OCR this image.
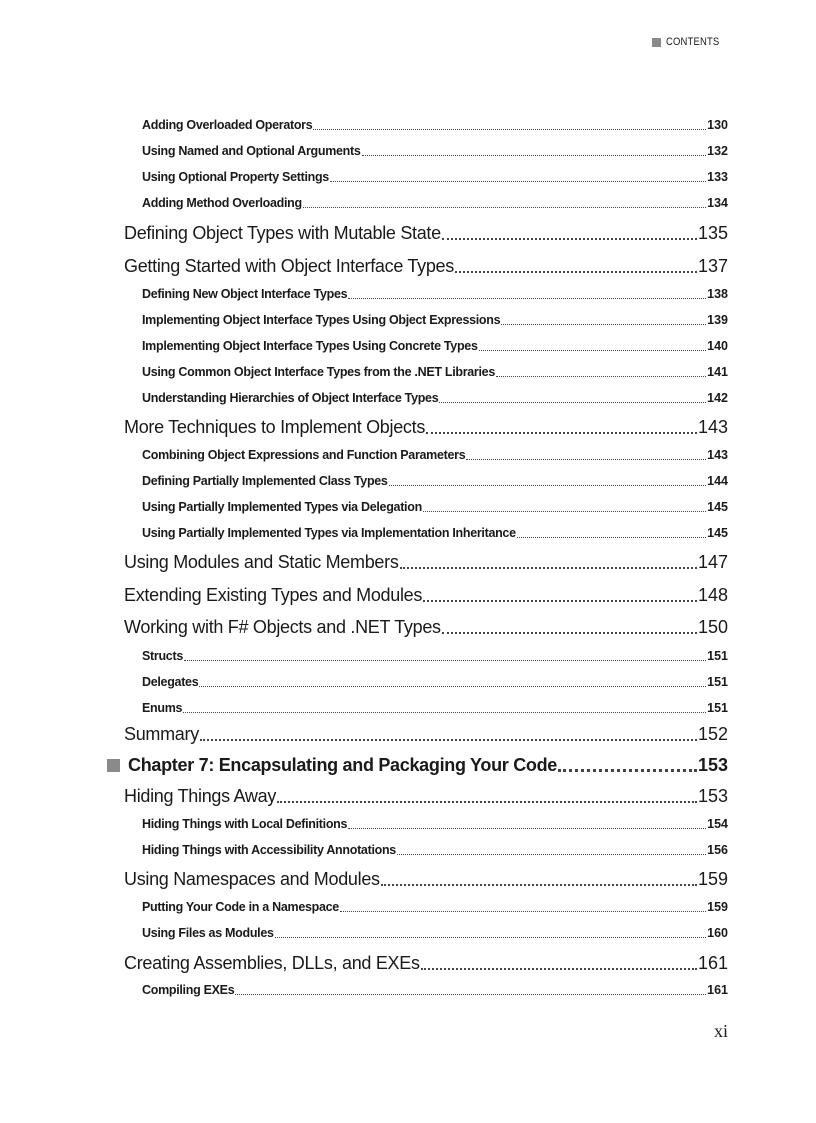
CONTENTS
Adding Overloaded Operators	130
Using Named and Optional Arguments	132
Using Optional Property Settings	133
Adding Method Overloading	134
Defining Object Types with Mutable State	135
Getting Started with Object Interface Types	137
Defining New Object Interface Types	138
Implementing Object Interface Types Using Object Expressions	139
Implementing Object Interface Types Using Concrete Types	140
Using Common Object Interface Types from the .NET Libraries	141
Understanding Hierarchies of Object Interface Types	142
More Techniques to Implement Objects	143
Combining Object Expressions and Function Parameters	143
Defining Partially Implemented Class Types	144
Using Partially Implemented Types via Delegation	145
Using Partially Implemented Types via Implementation Inheritance	145
Using Modules and Static Members	147
Extending Existing Types and Modules	148
Working with F# Objects and .NET Types	150
Structs	151
Delegates	151
Enums	151
Summary	152
Chapter 7: Encapsulating and Packaging Your Code	153
Hiding Things Away	153
Hiding Things with Local Definitions	154
Hiding Things with Accessibility Annotations	156
Using Namespaces and Modules	159
Putting Your Code in a Namespace	159
Using Files as Modules	160
Creating Assemblies, DLLs, and EXEs	161
Compiling EXEs	161
xi
